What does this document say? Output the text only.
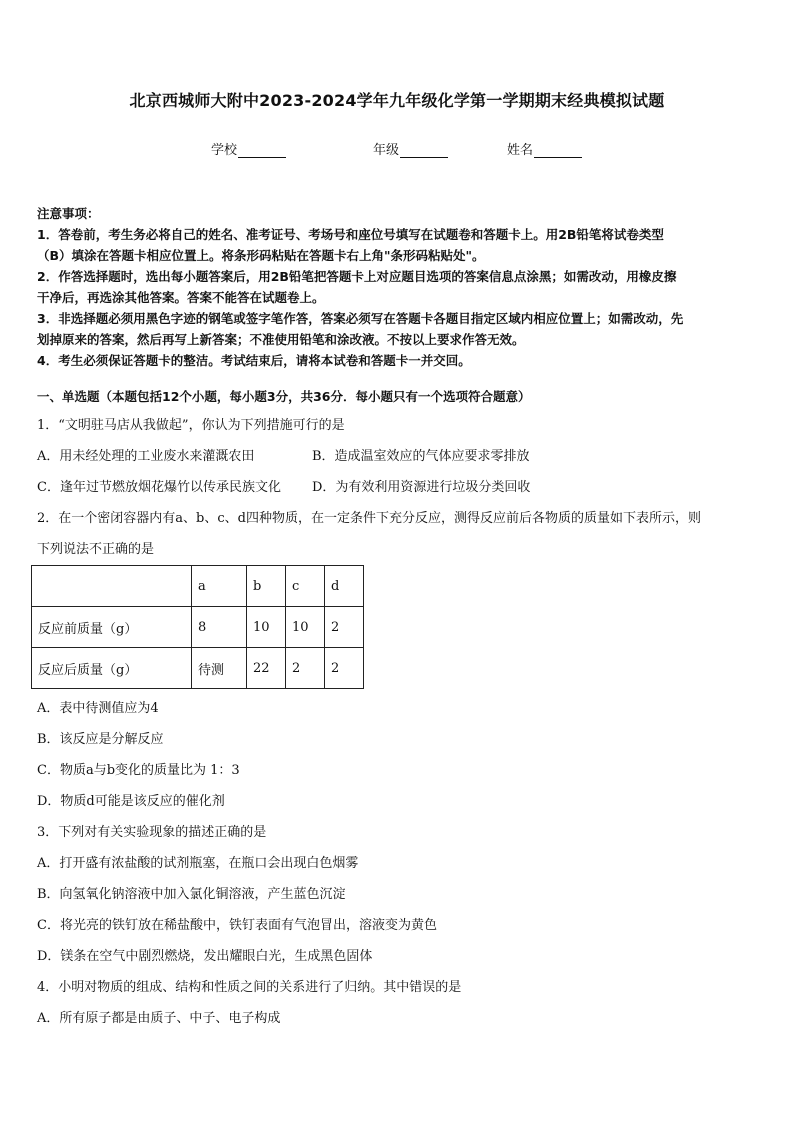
北京西城师大附中2023-2024学年九年级化学第一学期期末经典模拟试题
学校	年级	姓名

注意事项：

1．答卷前，考生务必将自己的姓名、准考证号、考场号和座位号填写在试题卷和答题卡上。用2B铅笔将试卷类型

（B）填涂在答题卡相应位置上。将条形码粘贴在答题卡右上角"条形码粘贴处"。

2．作答选择题时，选出每小题答案后，用2B铅笔把答题卡上对应题目选项的答案信息点涂黑；如需改动，用橡皮擦

干净后，再选涂其他答案。答案不能答在试题卷上。

3．非选择题必须用黑色字迹的钢笔或签字笔作答，答案必须写在答题卡各题目指定区域内相应位置上；如需改动，先

划掉原来的答案，然后再写上新答案；不准使用铅笔和涂改液。不按以上要求作答无效。

4．考生必须保证答题卡的整洁。考试结束后，请将本试卷和答题卡一并交回。

一、单选题（本题包括12个小题，每小题3分，共36分．每小题只有一个选项符合题意）

1．“文明驻马店从我做起”，你认为下列措施可行的是

A．用未经处理的工业废水来灌溉农田	B．造成温室效应的气体应要求零排放
C．逢年过节燃放烟花爆竹以传承民族文化	D．为有效利用资源进行垃圾分类回收

2．在一个密闭容器内有a、b、c、d四种物质，在一定条件下充分反应，测得反应前后各物质的质量如下表所示，则

下列说法不正确的是

	a	b	c	d
反应前质量（g）	8	10	10	2
反应后质量（g）	待测	22	2	2

A．表中待测值应为4

B．该反应是分解反应

C．物质a与b变化的质量比为 1：3

D．物质d可能是该反应的催化剂

3．下列对有关实验现象的描述正确的是

A．打开盛有浓盐酸的试剂瓶塞，在瓶口会出现白色烟雾

B．向氢氧化钠溶液中加入氯化铜溶液，产生蓝色沉淀

C．将光亮的铁钉放在稀盐酸中，铁钉表面有气泡冒出，溶液变为黄色

D．镁条在空气中剧烈燃烧，发出耀眼白光，生成黑色固体

4．小明对物质的组成、结构和性质之间的关系进行了归纳。其中错误的是

A．所有原子都是由质子、中子、电子构成
